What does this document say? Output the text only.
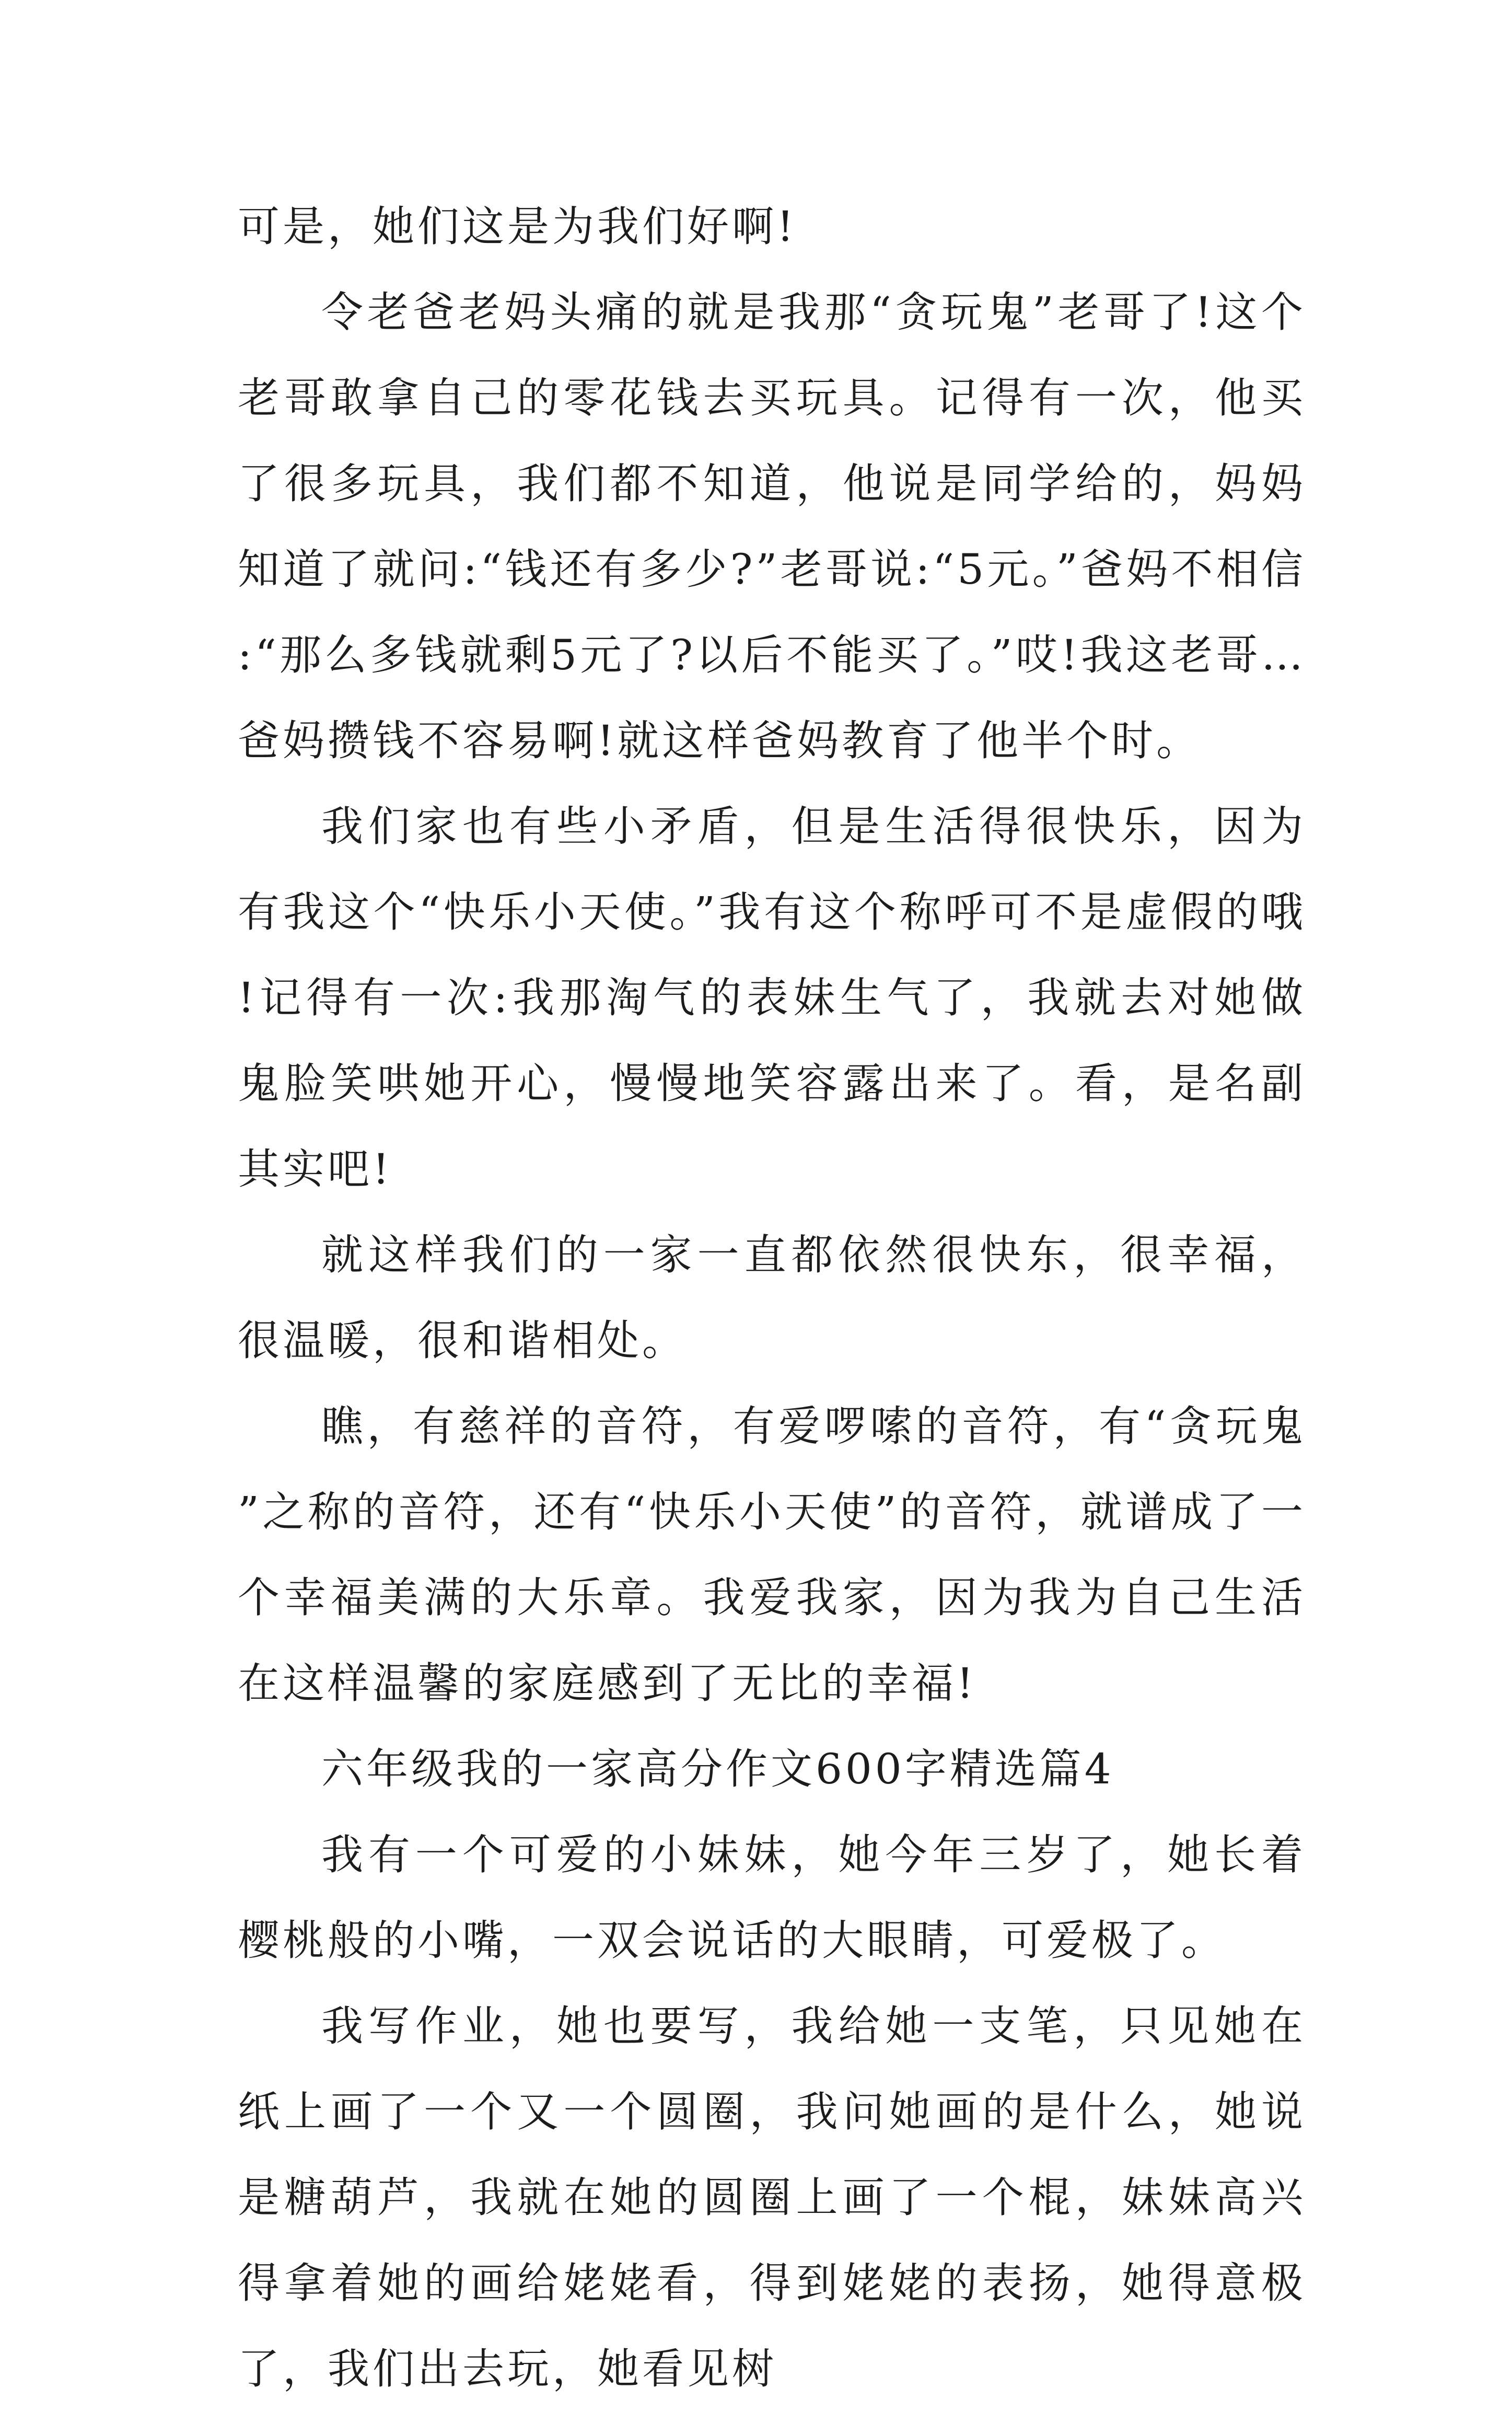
可是，她们这是为我们好啊!

令老爸老妈头痛的就是我那“贪玩鬼”老哥了!这个老哥敢拿自己的零花钱去买玩具。记得有一次，他买了很多玩具，我们都不知道，他说是同学给的，妈妈知道了就问:“钱还有多少?”老哥说:“5元。”爸妈不相信:“那么多钱就剩5元了?以后不能买了。”哎!我这老哥…爸妈攒钱不容易啊!就这样爸妈教育了他半个时。

我们家也有些小矛盾，但是生活得很快乐，因为有我这个“快乐小天使。”我有这个称呼可不是虚假的哦!记得有一次:我那淘气的表妹生气了，我就去对她做鬼脸笑哄她开心，慢慢地笑容露出来了。看，是名副其实吧!

就这样我们的一家一直都依然很快东，很幸福，很温暖，很和谐相处。

瞧，有慈祥的音符，有爱啰嗦的音符，有“贪玩鬼”之称的音符，还有“快乐小天使”的音符，就谱成了一个幸福美满的大乐章。我爱我家，因为我为自己生活在这样温馨的家庭感到了无比的幸福!

六年级我的一家高分作文600字精选篇4

我有一个可爱的小妹妹，她今年三岁了，她长着樱桃般的小嘴，一双会说话的大眼睛，可爱极了。

我写作业，她也要写，我给她一支笔，只见她在纸上画了一个又一个圆圈，我问她画的是什么，她说是糖葫芦，我就在她的圆圈上画了一个棍，妹妹高兴得拿着她的画给姥姥看，得到姥姥的表扬，她得意极了，我们出去玩，她看见树
